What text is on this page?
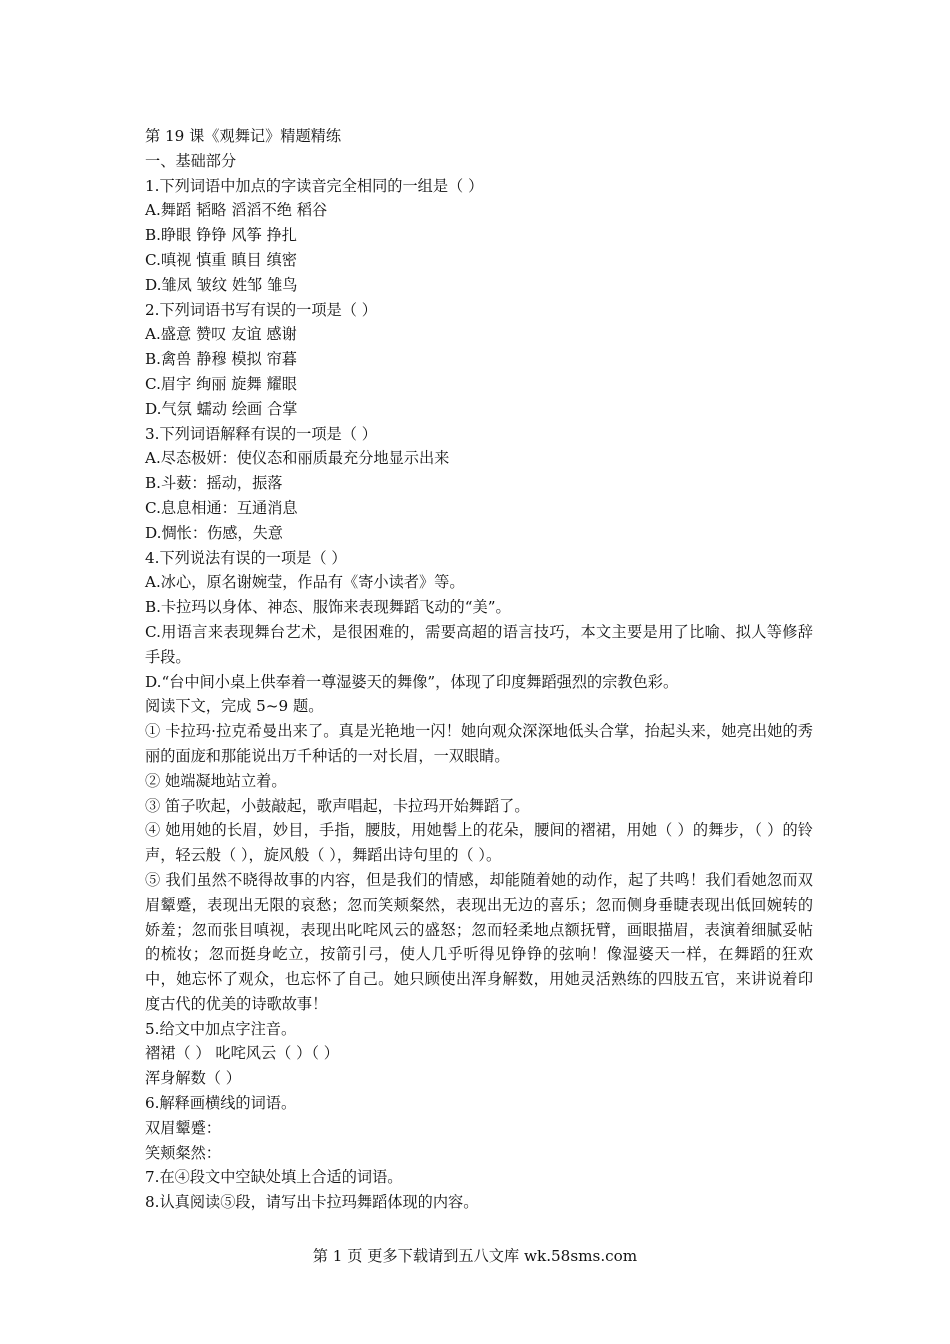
第 19 课《观舞记》精题精练
一、基础部分
1.下列词语中加点的字读音完全相同的一组是（ ）
A.舞蹈 韬略 滔滔不绝 稻谷
B.睁眼 铮铮 风筝 挣扎
C.嗔视 慎重 瞋目 缜密
D.雏凤 皱纹 姓邹 雏鸟
2.下列词语书写有误的一项是（ ）
A.盛意 赞叹 友谊 感谢
B.禽兽 静穆 模拟 帘暮
C.眉宇 绚丽 旋舞 耀眼
D.气氛 蠕动 绘画 合掌
3.下列词语解释有误的一项是（ ）
A.尽态极妍：使仪态和丽质最充分地显示出来
B.斗薮：摇动，振落
C.息息相通：互通消息
D.惆怅：伤感，失意
4.下列说法有误的一项是（ ）
A.冰心，原名谢婉莹，作品有《寄小读者》等。
B.卡拉玛以身体、神态、服饰来表现舞蹈飞动的“美”。
C.用语言来表现舞台艺术，是很困难的，需要高超的语言技巧，本文主要是用了比喻、拟人等修辞手段。
D.“台中间小桌上供奉着一尊湿婆天的舞像”，体现了印度舞蹈强烈的宗教色彩。
阅读下文，完成 5~9 题。
① 卡拉玛·拉克希曼出来了。真是光艳地一闪！她向观众深深地低头合掌，抬起头来，她亮出她的秀丽的面庞和那能说出万千种话的一对长眉，一双眼睛。
② 她端凝地站立着。
③ 笛子吹起，小鼓敲起，歌声唱起，卡拉玛开始舞蹈了。
④ 她用她的长眉，妙目，手指，腰肢，用她髻上的花朵，腰间的褶裙，用她（ ）的舞步，（ ）的铃声，轻云般（ ），旋风般（ ），舞蹈出诗句里的（ ）。
⑤ 我们虽然不晓得故事的内容，但是我们的情感，却能随着她的动作，起了共鸣！我们看她忽而双眉颦蹙，表现出无限的哀愁；忽而笑颊粲然，表现出无边的喜乐；忽而侧身垂睫表现出低回婉转的娇羞；忽而张目嗔视，表现出叱咤风云的盛怒；忽而轻柔地点额抚臂，画眼描眉，表演着细腻妥帖的梳妆；忽而挺身屹立，按箭引弓，使人几乎听得见铮铮的弦响！像湿婆天一样，在舞蹈的狂欢中，她忘怀了观众，也忘怀了自己。她只顾使出浑身解数，用她灵活熟练的四肢五官，来讲说着印度古代的优美的诗歌故事！
5.给文中加点字注音。
褶裙（ ） 叱咤风云（ ）（ ）
浑身解数（ ）
6.解释画横线的词语。
双眉颦蹙：
笑颊粲然：
7.在④段文中空缺处填上合适的词语。
8.认真阅读⑤段，请写出卡拉玛舞蹈体现的内容。
第 1 页 更多下载请到五八文库 wk.58sms.com
